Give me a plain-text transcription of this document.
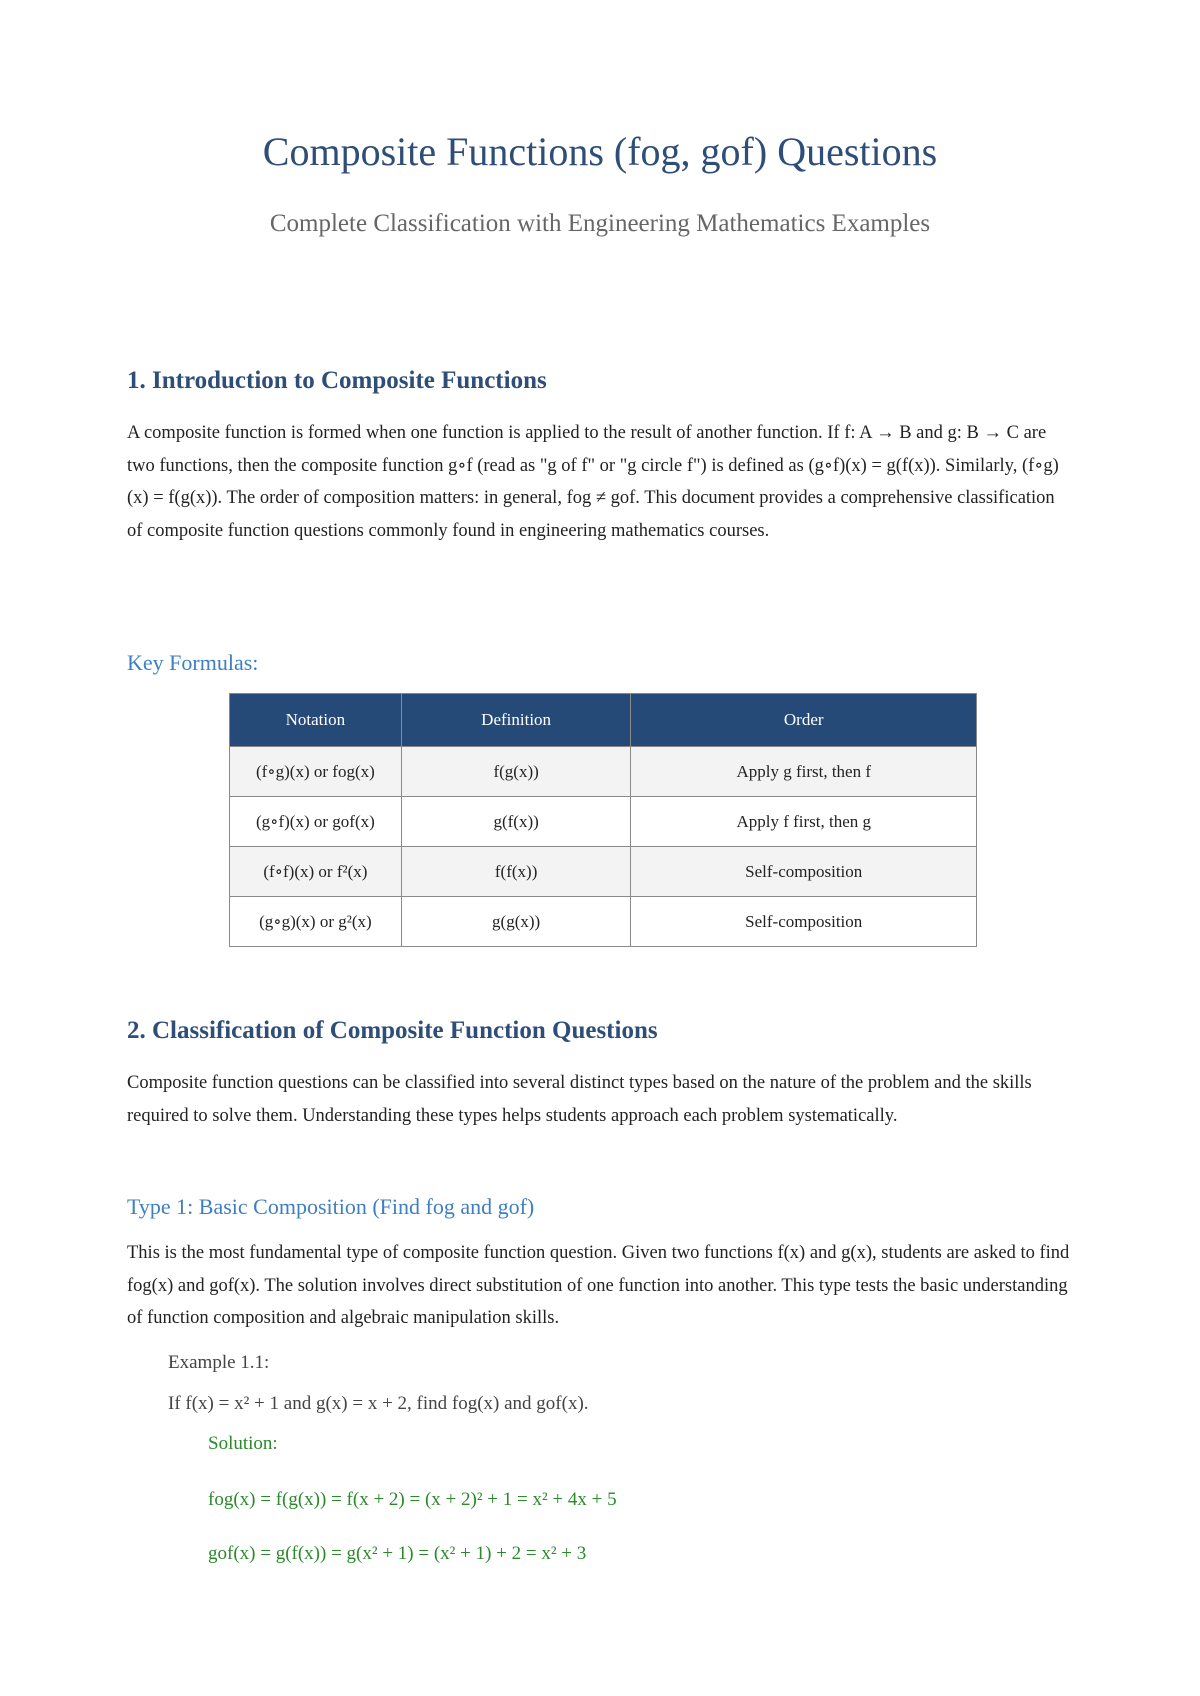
Composite Functions (fog, gof) Questions
Complete Classification with Engineering Mathematics Examples
1. Introduction to Composite Functions

A composite function is formed when one function is applied to the result of another function. If f: A → B and g: B → C are two functions, then the composite function g∘f (read as "g of f" or "g circle f") is defined as (g∘f)(x) = g(f(x)). Similarly, (f∘g)(x) = f(g(x)). The order of composition matters: in general, fog ≠ gof. This document provides a comprehensive classification of composite function questions commonly found in engineering mathematics courses.

Key Formulas:
Notation	Definition	Order
(f∘g)(x) or fog(x)	f(g(x))	Apply g first, then f
(g∘f)(x) or gof(x)	g(f(x))	Apply f first, then g
(f∘f)(x) or f²(x)	f(f(x))	Self-composition
(g∘g)(x) or g²(x)	g(g(x))	Self-composition
2. Classification of Composite Function Questions

Composite function questions can be classified into several distinct types based on the nature of the problem and the skills required to solve them. Understanding these types helps students approach each problem systematically.

Type 1: Basic Composition (Find fog and gof)

This is the most fundamental type of composite function question. Given two functions f(x) and g(x), students are asked to find fog(x) and gof(x). The solution involves direct substitution of one function into another. This type tests the basic understanding of function composition and algebraic manipulation skills.

Example 1.1:

If f(x) = x² + 1 and g(x) = x + 2, find fog(x) and gof(x).

Solution:

fog(x) = f(g(x)) = f(x + 2) = (x + 2)² + 1 = x² + 4x + 5

gof(x) = g(f(x)) = g(x² + 1) = (x² + 1) + 2 = x² + 3
